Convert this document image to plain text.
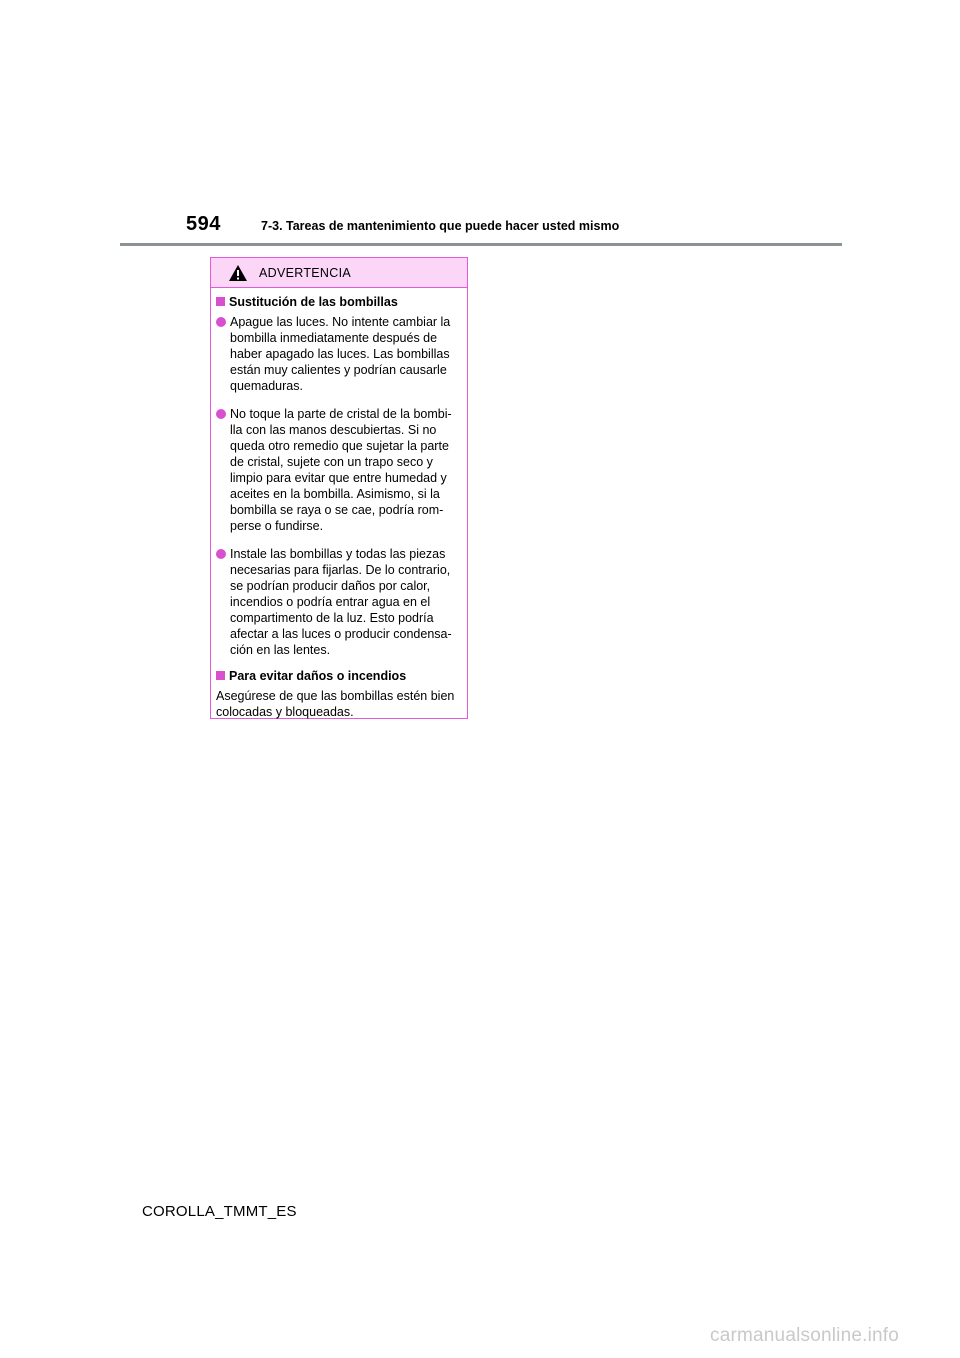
594	7-3. Tareas de mantenimiento que puede hacer usted mismo
ADVERTENCIA
Sustitución de las bombillas
Apague las luces. No intente cambiar la bombilla inmediatamente después de haber apagado las luces. Las bombillas están muy calientes y podrían causarle quemaduras.
No toque la parte de cristal de la bombi-lla con las manos descubiertas. Si no queda otro remedio que sujetar la parte de cristal, sujete con un trapo seco y limpio para evitar que entre humedad y aceites en la bombilla. Asimismo, si la bombilla se raya o se cae, podría rom-perse o fundirse.
Instale las bombillas y todas las piezas necesarias para fijarlas. De lo contrario, se podrían producir daños por calor, incendios o podría entrar agua en el compartimento de la luz. Esto podría afectar a las luces o producir condensa-ción en las lentes.
Para evitar daños o incendios
Asegúrese de que las bombillas estén bien colocadas y bloqueadas.
COROLLA_TMMT_ES
carmanualsonline.info
